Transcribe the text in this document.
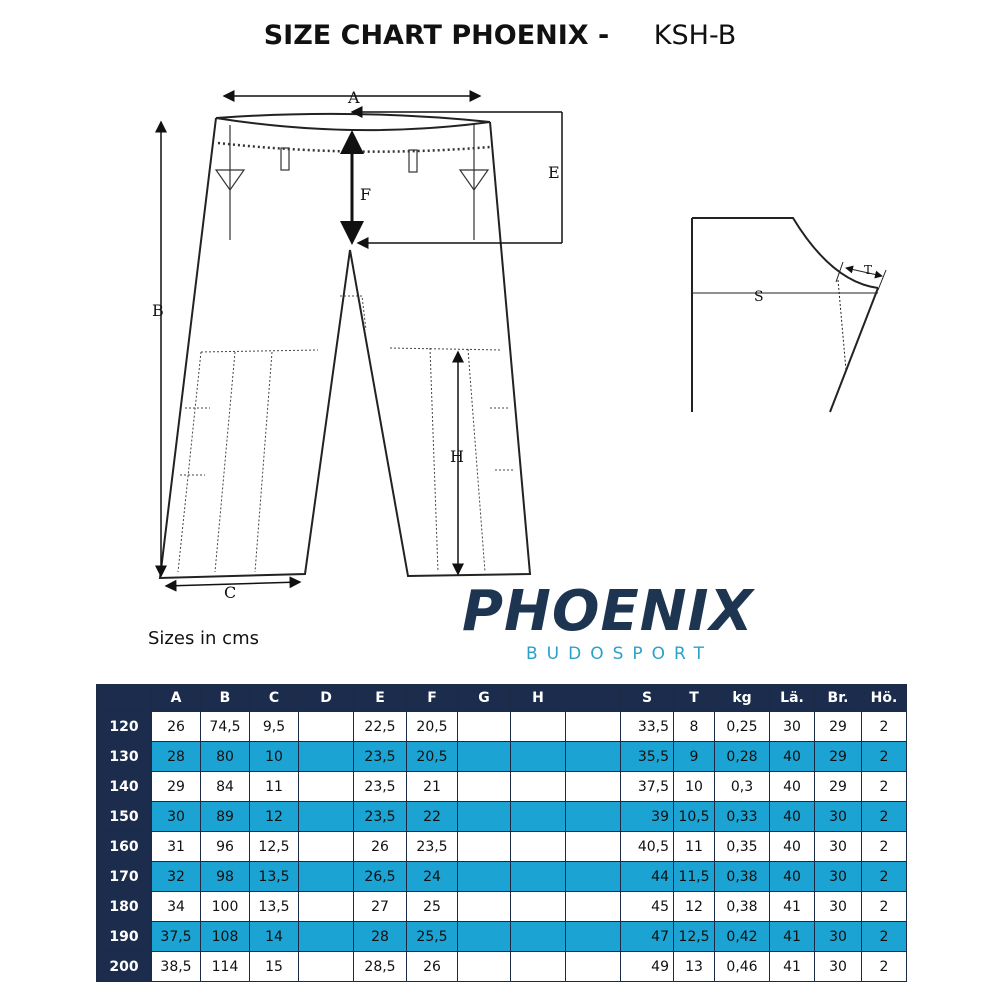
SIZE CHART PHOENIX - KSH-B
A
B
C
E
F
H
S
T
Sizes in cms	PHOENIX
BUDOSPORT
	A	B	C	D	E	F	G	H		S	T	kg	Lä.	Br.	Hö.
120	26	74,5	9,5		22,5	20,5				33,5	8	0,25	30	29	2
130	28	80	10		23,5	20,5				35,5	9	0,28	40	29	2
140	29	84	11		23,5	21				37,5	10	0,3	40	29	2
150	30	89	12		23,5	22				39	10,5	0,33	40	30	2
160	31	96	12,5		26	23,5				40,5	11	0,35	40	30	2
170	32	98	13,5		26,5	24				44	11,5	0,38	40	30	2
180	34	100	13,5		27	25				45	12	0,38	41	30	2
190	37,5	108	14		28	25,5				47	12,5	0,42	41	30	2
200	38,5	114	15		28,5	26				49	13	0,46	41	30	2
